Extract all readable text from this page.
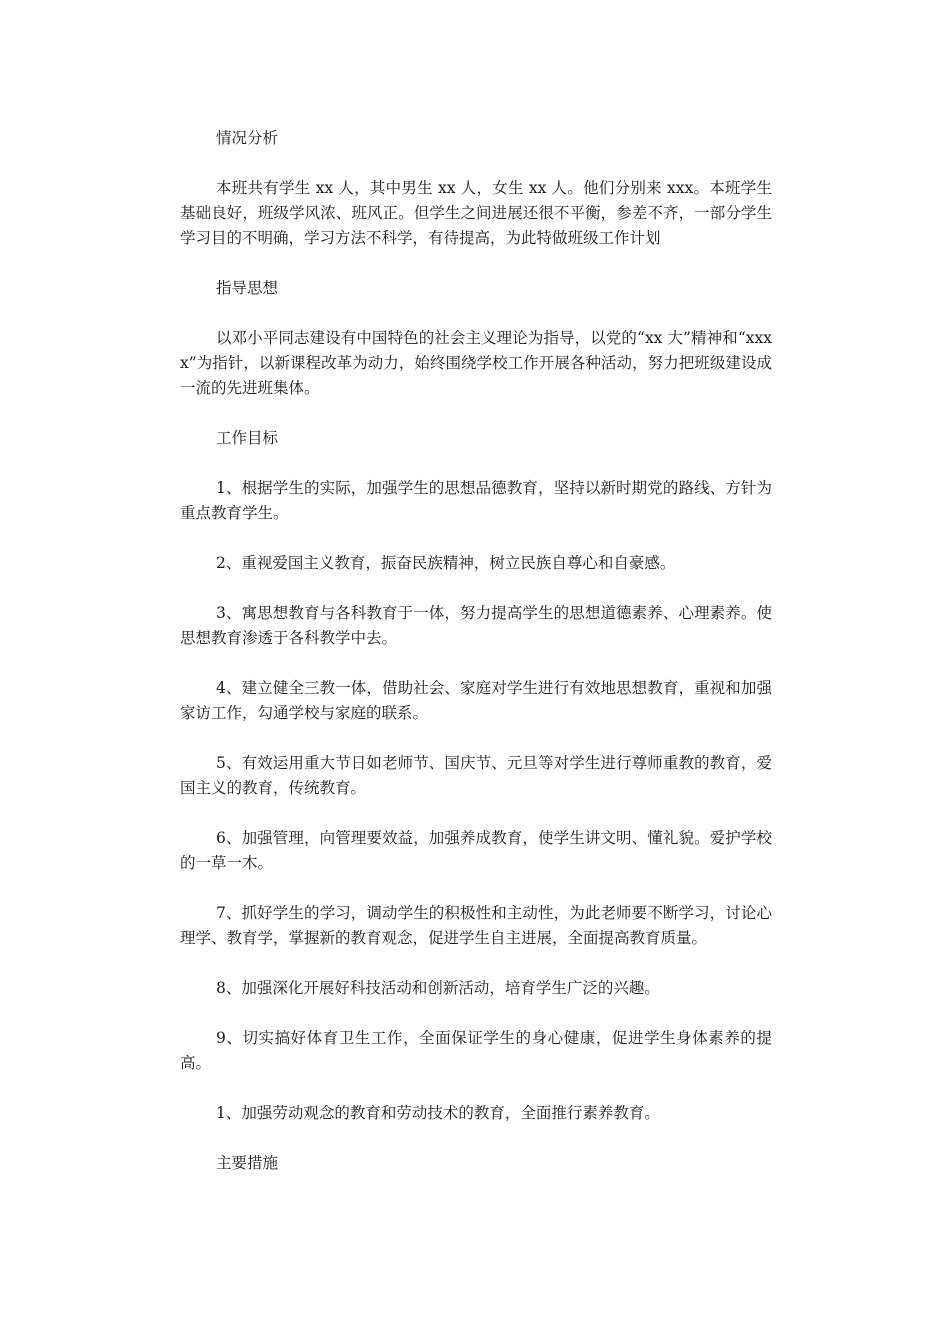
情况分析

本班共有学生 xx 人，其中男生 xx 人，女生 xx 人。他们分别来 xxx。本班学生基础良好，班级学风浓、班风正。但学生之间进展还很不平衡，参差不齐，一部分学生学习目的不明确，学习方法不科学，有待提高，为此特做班级工作计划

指导思想

以邓小平同志建设有中国特色的社会主义理论为指导，以党的“xx 大”精神和“xxxx”为指针，以新课程改革为动力，始终围绕学校工作开展各种活动，努力把班级建设成一流的先进班集体。

工作目标

1、根据学生的实际，加强学生的思想品德教育，坚持以新时期党的路线、方针为重点教育学生。

2、重视爱国主义教育，振奋民族精神，树立民族自尊心和自豪感。

3、寓思想教育与各科教育于一体，努力提高学生的思想道德素养、心理素养。使思想教育渗透于各科教学中去。

4、建立健全三教一体，借助社会、家庭对学生进行有效地思想教育，重视和加强家访工作，勾通学校与家庭的联系。

5、有效运用重大节日如老师节、国庆节、元旦等对学生进行尊师重教的教育，爱国主义的教育，传统教育。

6、加强管理，向管理要效益，加强养成教育，使学生讲文明、懂礼貌。爱护学校的一草一木。

7、抓好学生的学习，调动学生的积极性和主动性，为此老师要不断学习，讨论心理学、教育学，掌握新的教育观念，促进学生自主进展，全面提高教育质量。

8、加强深化开展好科技活动和创新活动，培育学生广泛的兴趣。

9、切实搞好体育卫生工作，全面保证学生的身心健康，促进学生身体素养的提高。

1、加强劳动观念的教育和劳动技术的教育，全面推行素养教育。

主要措施
